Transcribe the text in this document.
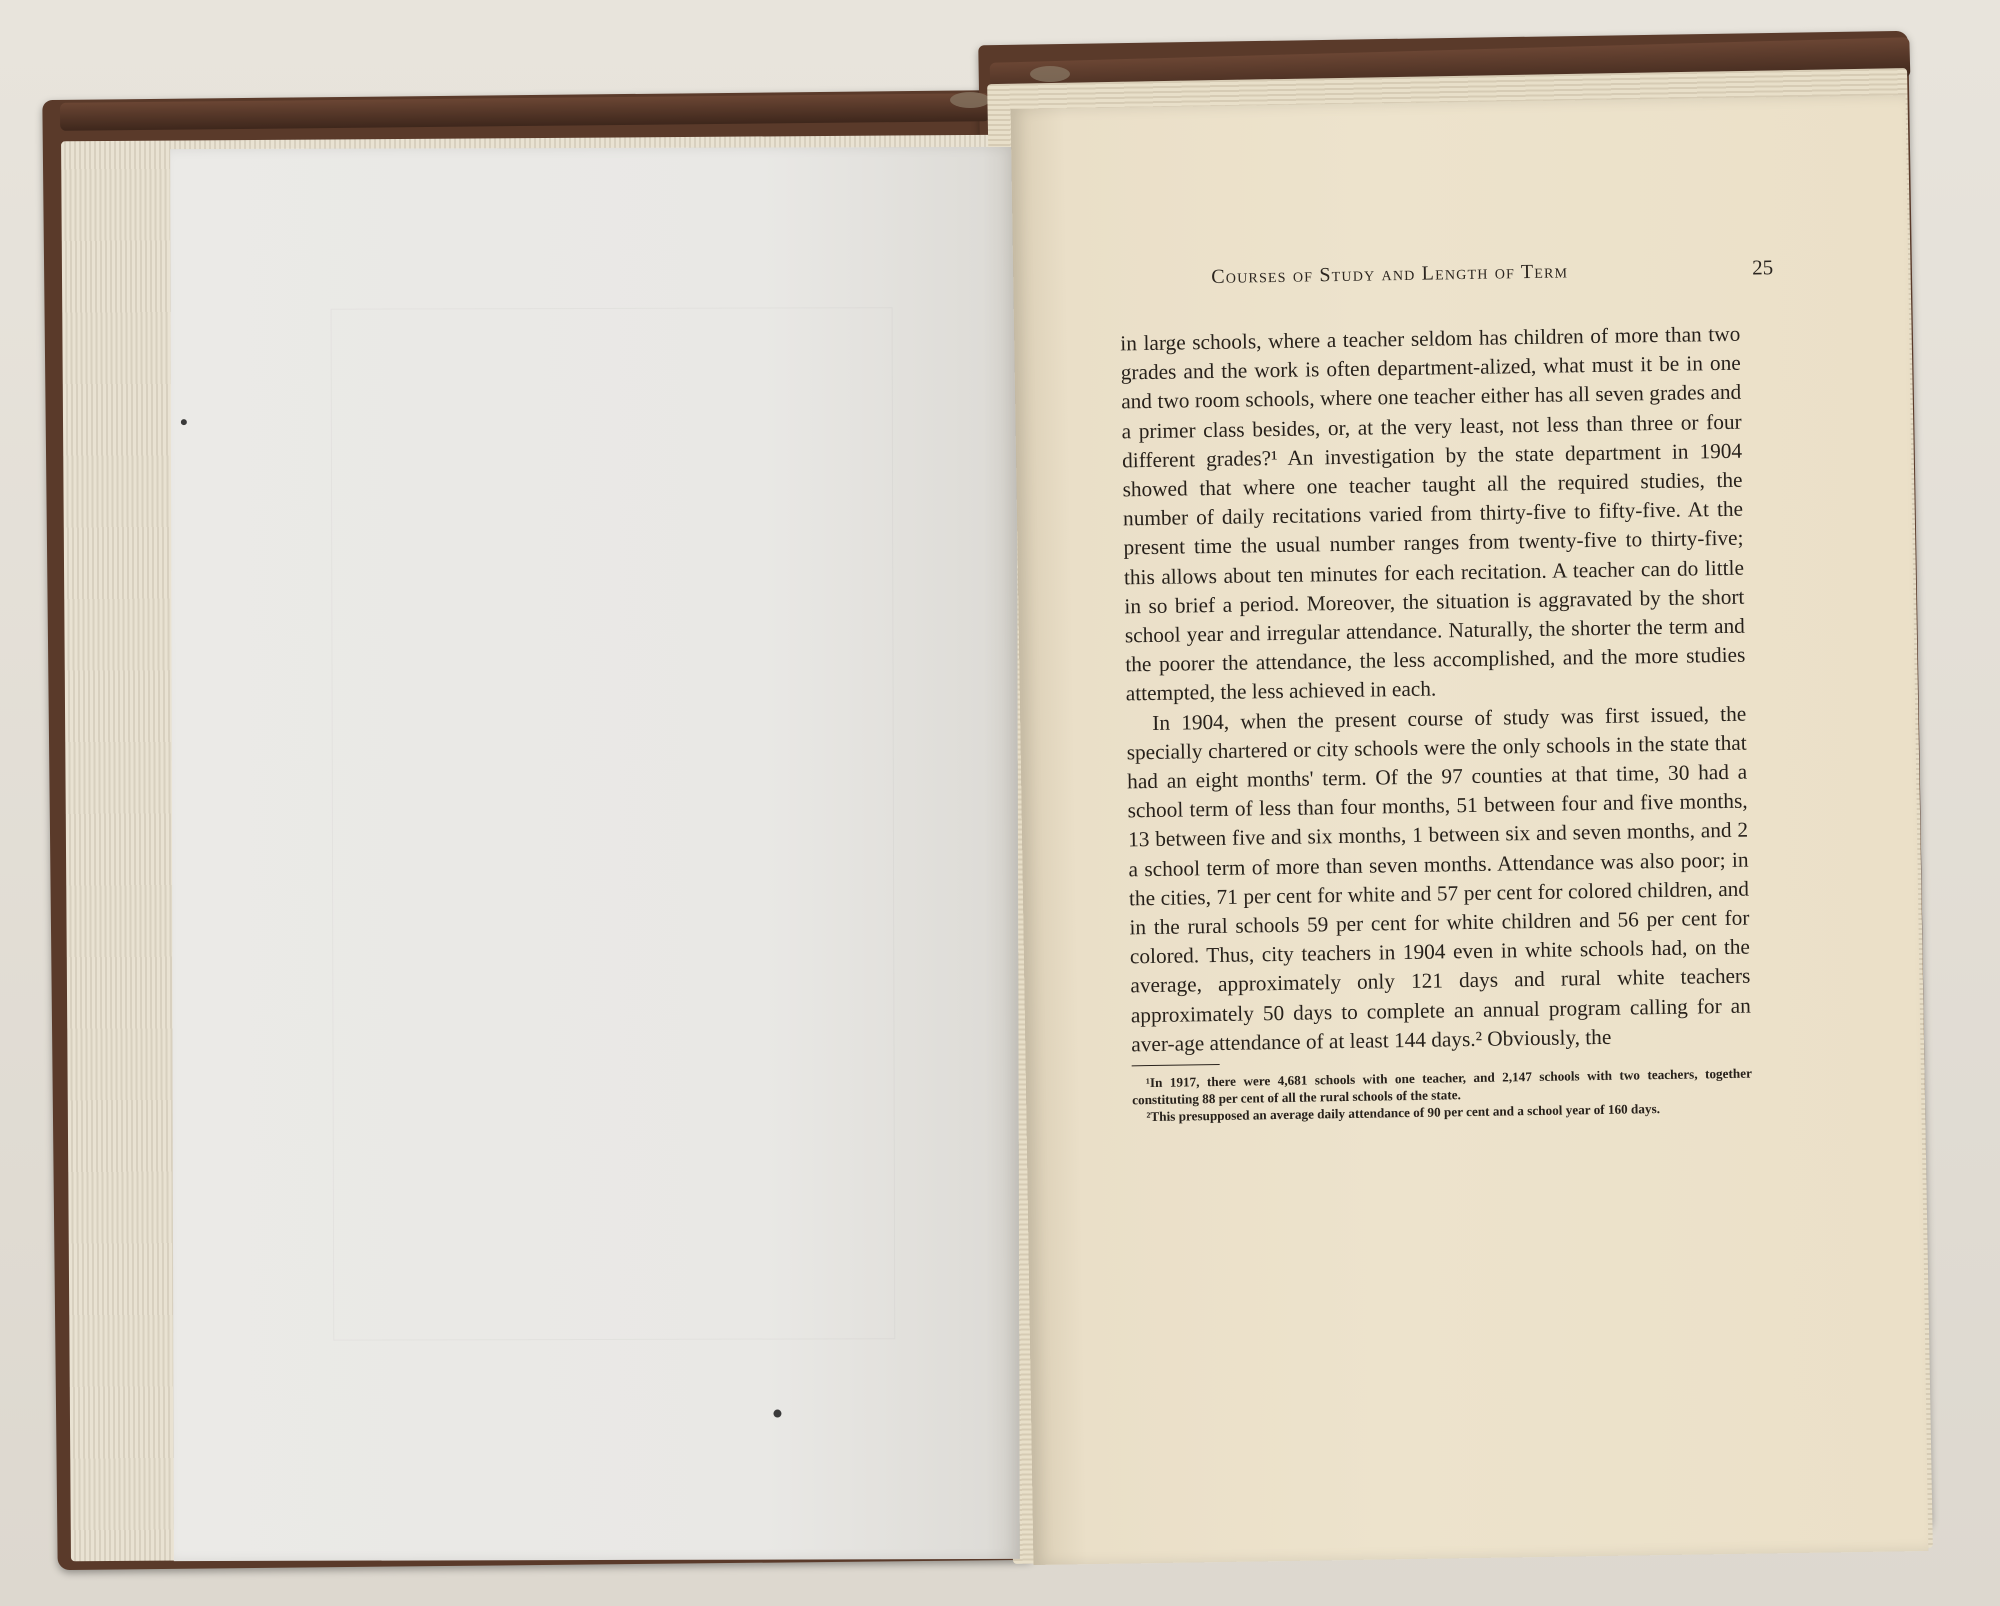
Courses of Study and Length of Term	25

in large schools, where a teacher seldom has children of more than two grades and the work is often department-alized, what must it be in one and two room schools, where one teacher either has all seven grades and a primer class besides, or, at the very least, not less than three or four different grades?¹ An investigation by the state department in 1904 showed that where one teacher taught all the required studies, the number of daily recitations varied from thirty-five to fifty-five. At the present time the usual number ranges from twenty-five to thirty-five; this allows about ten minutes for each recitation. A teacher can do little in so brief a period. Moreover, the situation is aggravated by the short school year and irregular attendance. Naturally, the shorter the term and the poorer the attendance, the less accomplished, and the more studies attempted, the less achieved in each.

In 1904, when the present course of study was first issued, the specially chartered or city schools were the only schools in the state that had an eight months' term. Of the 97 counties at that time, 30 had a school term of less than four months, 51 between four and five months, 13 between five and six months, 1 between six and seven months, and 2 a school term of more than seven months. Attendance was also poor; in the cities, 71 per cent for white and 57 per cent for colored children, and in the rural schools 59 per cent for white children and 56 per cent for colored. Thus, city teachers in 1904 even in white schools had, on the average, approximately only 121 days and rural white teachers approximately 50 days to complete an annual program calling for an aver-age attendance of at least 144 days.² Obviously, the

¹In 1917, there were 4,681 schools with one teacher, and 2,147 schools with two teachers, together constituting 88 per cent of all the rural schools of the state.

²This presupposed an average daily attendance of 90 per cent and a school year of 160 days.
